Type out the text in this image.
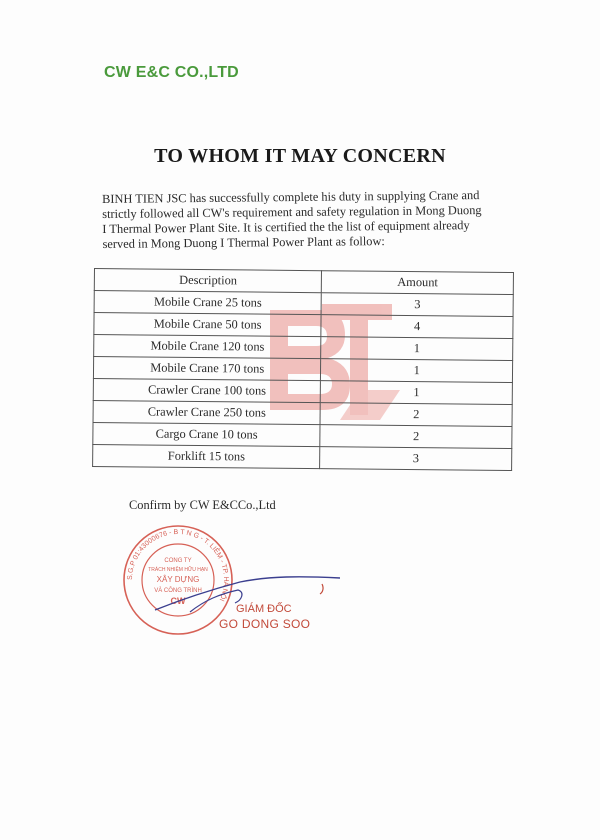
CW E&C CO.,LTD
TO WHOM IT MAY CONCERN
BINH TIEN JSC has successfully complete his duty in supplying Crane and
strictly followed all CW's requirement and safety regulation in Mong Duong
I Thermal Power Plant Site. It is certified the the list of equipment already
served in Mong Duong I Thermal Power Plant as follow:
Description	Amount
Mobile Crane 25 tons	3
Mobile Crane 50 tons	4
Mobile Crane 120 tons	1
Mobile Crane 170 tons	1
Crawler Crane 100 tons	1
Crawler Crane 250 tons	2
Cargo Crane 10 tons	2
Forklift 15 tons	3
Confirm by CW E&CCo.,Ltd
S.G.P 01:43000676 - B T N G - T. LIÊM - TP. HÀ NỘI
CÔNG TY
TRÁCH NHIỆM HỮU HẠN
XÂY DỰNG
VÀ CÔNG TRÌNH
CW
GIÁM ĐỐC
GO DONG SOO
